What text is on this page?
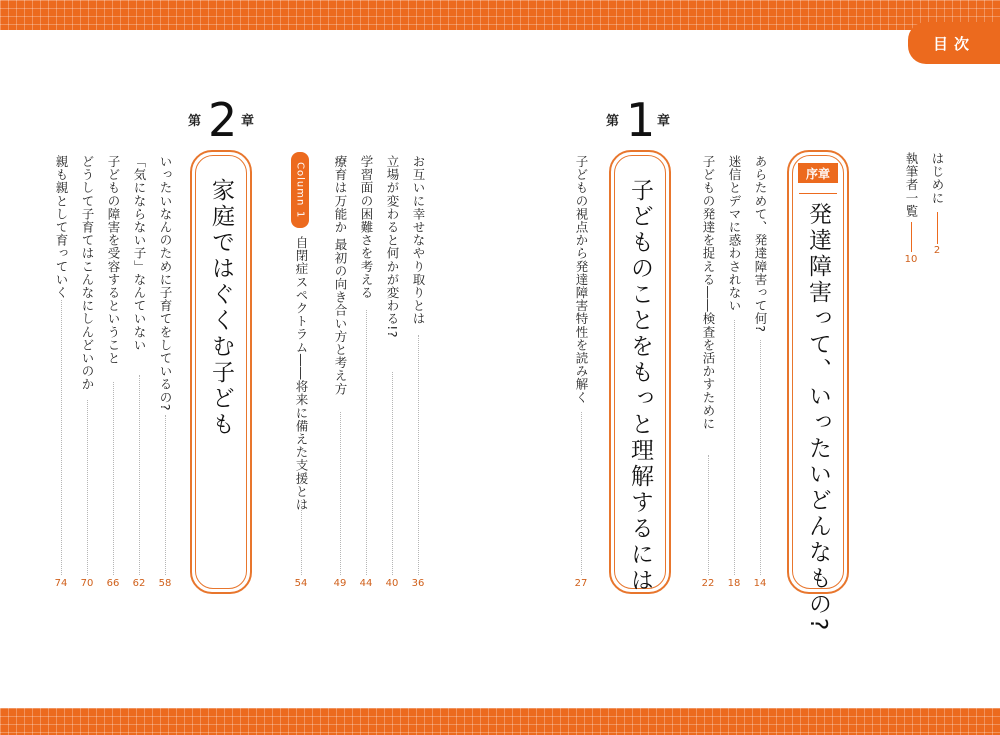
目次
はじめに
2
執筆者一覧
10
序章
発達障害って、いったいどんなもの?
あらためて、発達障害って何?
14
迷信とデマに惑わされない
18
子どもの発達を捉える――検査を活かすために
22
第 1 章
子どものことをもっと理解するには
子どもの視点から発達障害特性を読み解く
27
第 2 章
家庭ではぐくむ子ども	お互いに幸せなやり取りとは
36
立場が変わると何かが変わる!?
40
学習面の困難さを考える
44
療育は万能か 最初の向き合い方と考え方
49
Column

1
自閉症スペクトラム――将来に備えた支援とは
54
いったいなんのために子育てをしているの?
58
「気にならない子」なんていない
62
子どもの障害を受容するということ
66
どうして子育てはこんなにしんどいのか
70
親も親として育っていく
74
